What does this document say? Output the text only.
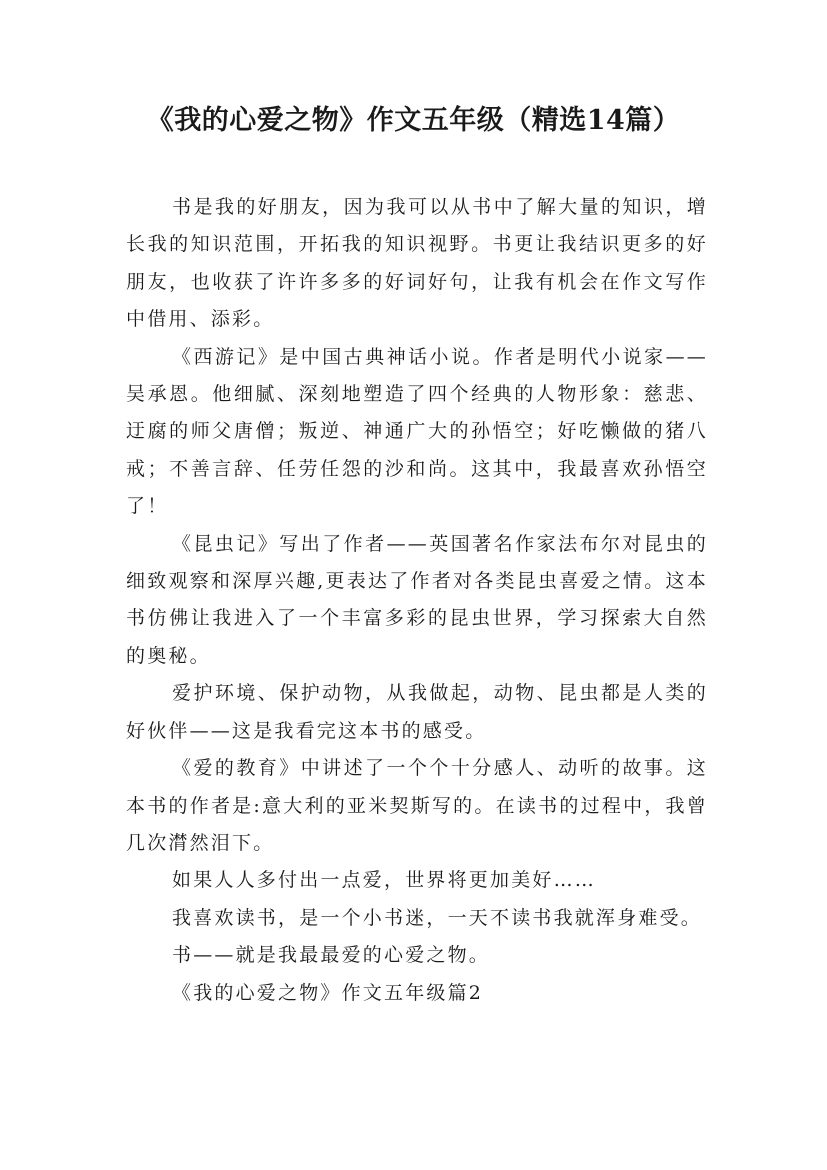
《我的心爱之物》作文五年级（精选14篇）

书是我的好朋友，因为我可以从书中了解大量的知识，增长我的知识范围，开拓我的知识视野。书更让我结识更多的好朋友，也收获了许许多多的好词好句，让我有机会在作文写作中借用、添彩。

《西游记》是中国古典神话小说。作者是明代小说家——吴承恩。他细腻、深刻地塑造了四个经典的人物形象：慈悲、迂腐的师父唐僧；叛逆、神通广大的孙悟空；好吃懒做的猪八戒；不善言辞、任劳任怨的沙和尚。这其中，我最喜欢孙悟空了！

《昆虫记》写出了作者——英国著名作家法布尔对昆虫的细致观察和深厚兴趣,更表达了作者对各类昆虫喜爱之情。这本书仿佛让我进入了一个丰富多彩的昆虫世界，学习探索大自然的奥秘。

爱护环境、保护动物，从我做起，动物、昆虫都是人类的好伙伴——这是我看完这本书的感受。

《爱的教育》中讲述了一个个十分感人、动听的故事。这本书的作者是:意大利的亚米契斯写的。在读书的过程中，我曾几次潸然泪下。

如果人人多付出一点爱，世界将更加美好……

我喜欢读书，是一个小书迷，一天不读书我就浑身难受。

书——就是我最最爱的心爱之物。

《我的心爱之物》作文五年级篇2
